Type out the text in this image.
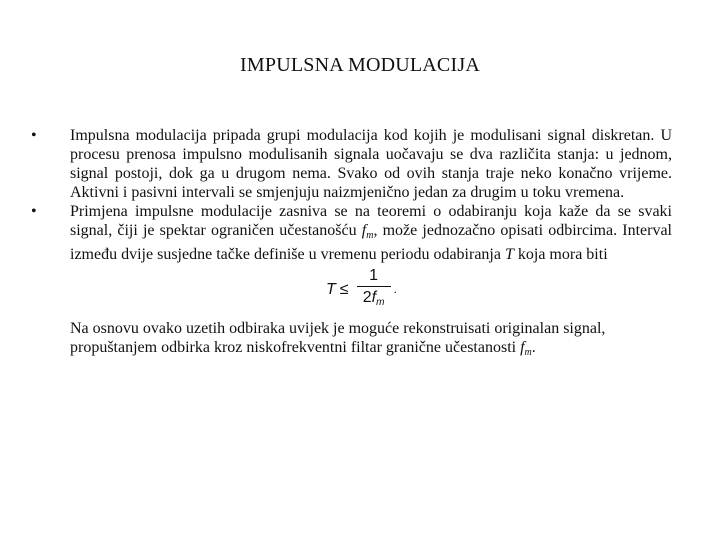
IMPULSNA MODULACIJA

• Impulsna modulacija pripada grupi modulacija kod kojih je modulisani signal diskretan. U procesu prenosa impulsno modulisanih signala uočavaju se dva različita stanja: u jednom, signal postoji, dok ga u drugom nema. Svako od ovih stanja traje neko konačno vrijeme. Aktivni i pasivni intervali se smjenjuju naizmjenično jedan za drugim u toku vremena.

• Primjena impulsne modulacije zasniva se na teoremi o odabiranju koja kaže da se svaki signal, čiji je spektar ograničen učestanošću $f_m$, može jednozačno opisati odbircima. Interval između dvije susjedne tačke definiše u vremenu periodu odabiranja T koja mora biti

$T \le \frac{1}{2fm}$ .

Na osnovu ovako uzetih odbiraka uvijek je moguće rekonstruisati originalan signal, propuštanjem odbirka kroz niskofrekventni filtar granične učestanosti $f_m$.
